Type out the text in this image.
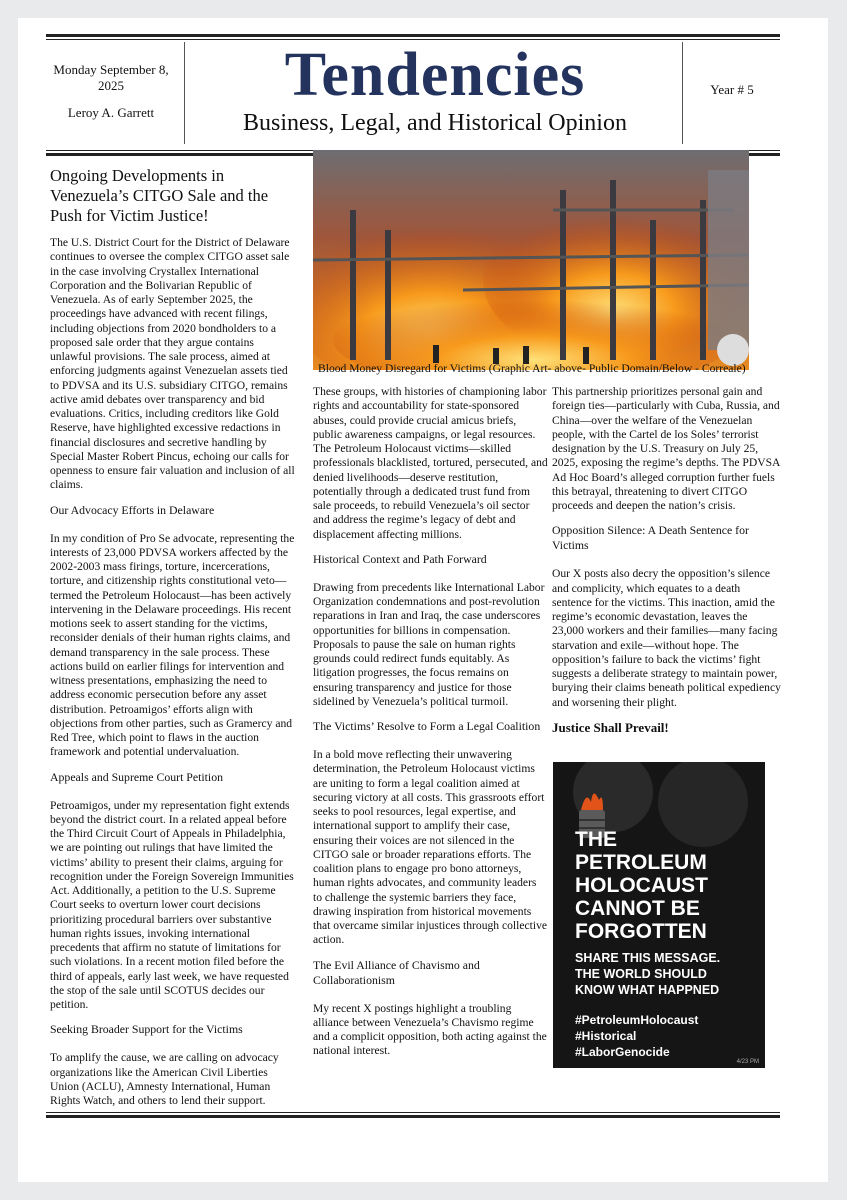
Monday September 8, 2025
Leroy A. Garrett
Tendencies
Business, Legal, and Historical Opinion
Year # 5
Ongoing Developments in Venezuela’s CITGO Sale and the Push for Victim Justice!

The U.S. District Court for the District of Delaware continues to oversee the complex CITGO asset sale in the case involving Crystallex International Corporation and the Bolivarian Republic of Venezuela. As of early September 2025, the proceedings have advanced with recent filings, including objections from 2020 bondholders to a proposed sale order that they argue contains unlawful provisions. The sale process, aimed at enforcing judgments against Venezuelan assets tied to PDVSA and its U.S. subsidiary CITGO, remains active amid debates over transparency and bid evaluations. Critics, including creditors like Gold Reserve, have highlighted excessive redactions in financial disclosures and secretive handling by Special Master Robert Pincus, echoing our calls for openness to ensure fair valuation and inclusion of all claims.

Our Advocacy Efforts in Delaware

In my condition of Pro Se advocate, representing the interests of 23,000 PDVSA workers affected by the 2002-2003 mass firings, torture, incercerations, torture, and citizenship rights constitutional veto—termed the Petroleum Holocaust—has been actively intervening in the Delaware proceedings. His recent motions seek to assert standing for the victims, reconsider denials of their human rights claims, and demand transparency in the sale process. These actions build on earlier filings for intervention and witness presentations, emphasizing the need to address economic persecution before any asset distribution. Petroamigos’ efforts align with objections from other parties, such as Gramercy and Red Tree, which point to flaws in the auction framework and potential undervaluation.

Appeals and Supreme Court Petition

Petroamigos, under my representation fight extends beyond the district court. In a related appeal before the Third Circuit Court of Appeals in Philadelphia, we are pointing out rulings that have limited the victims’ ability to present their claims, arguing for recognition under the Foreign Sovereign Immunities Act. Additionally, a petition to the U.S. Supreme Court seeks to overturn lower court decisions prioritizing procedural barriers over substantive human rights issues, invoking international precedents that affirm no statute of limitations for such violations. In a recent motion filed before the third of appeals, early last week, we have requested the stop of the sale until SCOTUS decides our petition.

Seeking Broader Support for the Victims

To amplify the cause, we are calling on advocacy organizations like the American Civil Liberties Union (ACLU), Amnesty International, Human Rights Watch, and others to lend their support.

Blood Money Disregard for Victims (Graphic Art- above- Public Domain/Below - Correale)

These groups, with histories of championing labor rights and accountability for state-sponsored abuses, could provide crucial amicus briefs, public awareness campaigns, or legal resources. The Petroleum Holocaust victims—skilled professionals blacklisted, tortured, persecuted, and denied livelihoods—deserve restitution, potentially through a dedicated trust fund from sale proceeds, to rebuild Venezuela’s oil sector and address the regime’s legacy of debt and displacement affecting millions.

Historical Context and Path Forward

Drawing from precedents like International Labor Organization condemnations and post-revolution reparations in Iran and Iraq, the case underscores opportunities for billions in compensation. Proposals to pause the sale on human rights grounds could redirect funds equitably. As litigation progresses, the focus remains on ensuring transparency and justice for those sidelined by Venezuela’s political turmoil.

The Victims’ Resolve to Form a Legal Coalition

In a bold move reflecting their unwavering determination, the Petroleum Holocaust victims are uniting to form a legal coalition aimed at securing victory at all costs. This grassroots effort seeks to pool resources, legal expertise, and international support to amplify their case, ensuring their voices are not silenced in the CITGO sale or broader reparations efforts. The coalition plans to engage pro bono attorneys, human rights advocates, and community leaders to challenge the systemic barriers they face, drawing inspiration from historical movements that overcame similar injustices through collective action.

The Evil Alliance of Chavismo and Collaborationism

My recent X postings highlight a troubling alliance between Venezuela’s Chavismo regime and a complicit opposition, both acting against the national interest.

This partnership prioritizes personal gain and foreign ties—particularly with Cuba, Russia, and China—over the welfare of the Venezuelan people, with the Cartel de los Soles’ terrorist designation by the U.S. Treasury on July 25, 2025, exposing the regime’s depths. The PDVSA Ad Hoc Board’s alleged corruption further fuels this betrayal, threatening to divert CITGO proceeds and deepen the nation’s crisis.

Opposition Silence: A Death Sentence for Victims

Our X posts also decry the opposition’s silence and complicity, which equates to a death sentence for the victims. This inaction, amid the regime’s economic devastation, leaves the 23,000 workers and their families—many facing starvation and exile—without hope. The opposition’s failure to back the victims’ fight suggests a deliberate strategy to maintain power, burying their claims beneath political expediency and worsening their plight.

Justice Shall Prevail!
THE
PETROLEUM
HOLOCAUST
CANNOT BE
FORGOTTEN
SHARE THIS MESSAGE.
THE WORLD SHOULD
KNOW WHAT HAPPNED
#PetroleumHolocaust
#Historical
#LaborGenocide
4/23 PM
